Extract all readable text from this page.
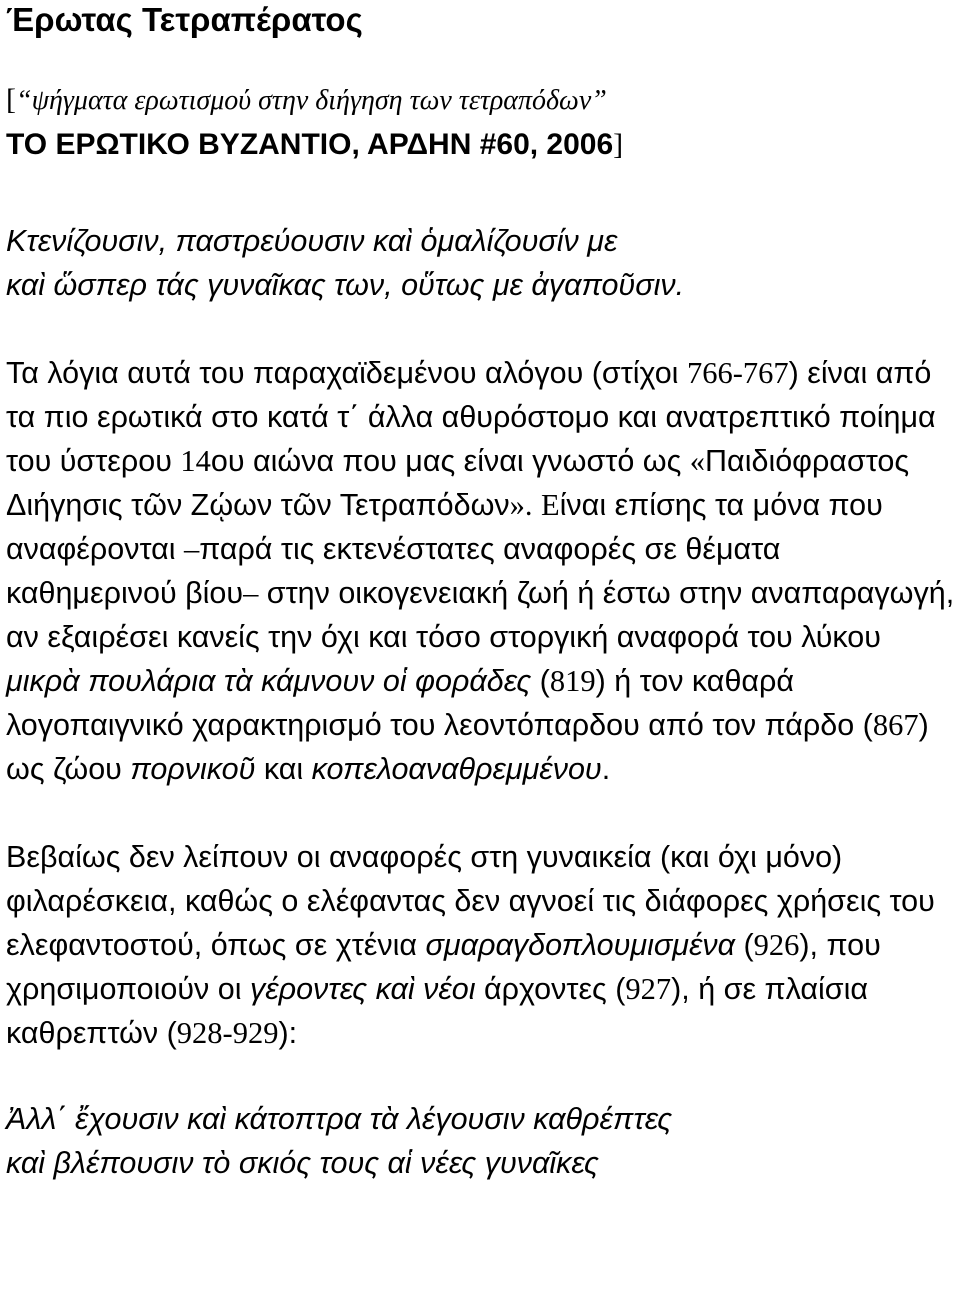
Έρωτας Τετραπέρατος
[“ψήγματα ερωτισμού στην διήγηση των τετραπόδων”
ΤΟ ΕΡΩΤΙΚΟ ΒΥΖΑΝΤΙΟ, ΑΡΔΗΝ #60, 2006]
Κτενίζουσιν, παστρεύουσιν καὶ ὁμαλίζουσίν με
καὶ ὥσπερ τάς γυναῖκας των, οὕτως με ἀγαποῦσιν.

Τα λόγια αυτά του παραχαϊδεμένου αλόγου (στίχοι 766-767) είναι από τα πιο ερωτικά στο κατά τ΄ άλλα αθυρόστομο και ανατρεπτικό ποίημα του ύστερου 14ου αιώνα που μας είναι γνωστό ως «Παιδιόφραστος Διήγησις τῶν Ζῴων τῶν Τετραπόδων». Είναι επίσης τα μόνα που αναφέρονται –παρά τις εκτενέστατες αναφορές σε θέματα καθημερινού βίου– στην οικογενειακή ζωή ή έστω στην αναπαραγωγή, αν εξαιρέσει κανείς την όχι και τόσο στοργική αναφορά του λύκου μικρὰ πουλάρια τὰ κάμνουν οἱ φοράδες (819) ή τον καθαρά λογοπαιγνικό χαρακτηρισμό του λεοντόπαρδου από τον πάρδο (867) ως ζώου πορνικοῦ και κοπελοαναθρεμμένου.

Βεβαίως δεν λείπουν οι αναφορές στη γυναικεία (και όχι μόνο) φιλαρέσκεια, καθώς ο ελέφαντας δεν αγνοεί τις διάφορες χρήσεις του ελεφαντοστού, όπως σε χτένια σμαραγδοπλουμισμένα (926), που χρησιμοποιούν οι γέροντες καὶ νέοι άρχοντες (927), ή σε πλαίσια καθρεπτών (928-929):

Ἀλλ΄ ἔχουσιν καὶ κάτοπτρα τὰ λέγουσιν καθρέπτες
καὶ βλέπουσιν τὸ σκιός τους αἱ νέες γυναῖκες
